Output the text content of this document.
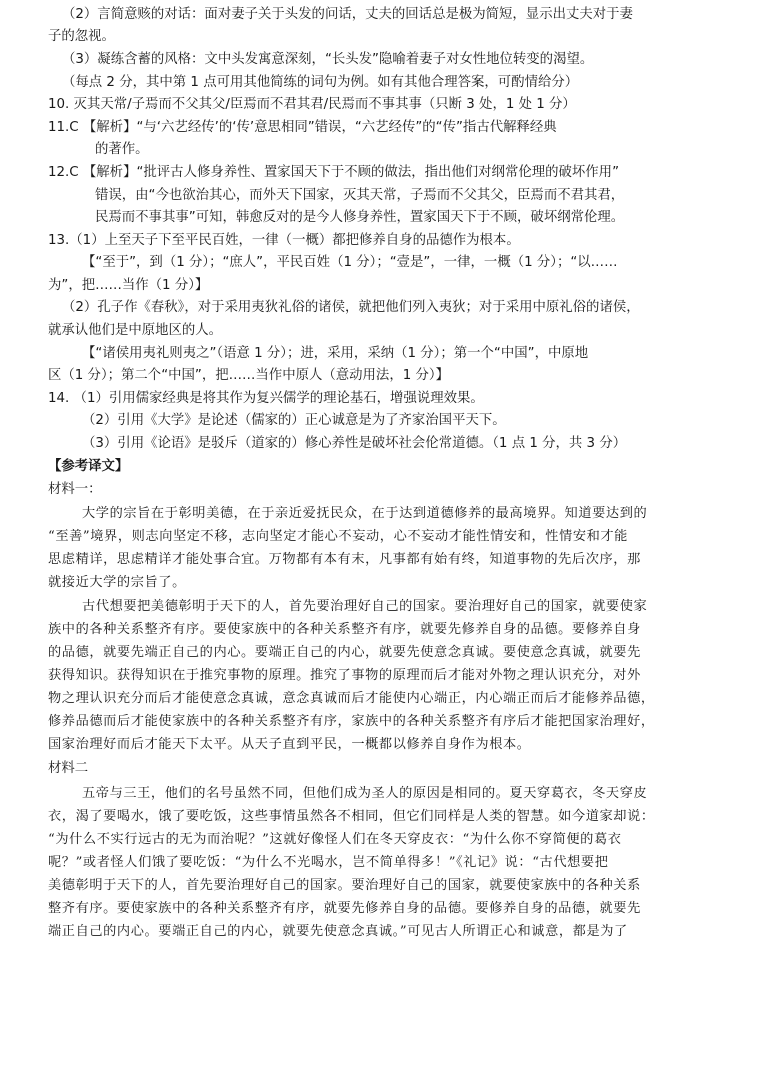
（2）言简意赅的对话：面对妻子关于头发的问话，丈夫的回话总是极为简短，显示出丈夫对于妻
子的忽视。
（3）凝练含蓄的风格：文中头发寓意深刻，“长头发”隐喻着妻子对女性地位转变的渴望。
（每点 2 分，其中第 1 点可用其他简练的词句为例。如有其他合理答案，可酌情给分）
10. 灭其天常/子焉而不父其父/臣焉而不君其君/民焉而不事其事（只断 3 处，1 处 1 分）
11.C 【解析】“与‘六艺经传’的‘传’意思相同”错误，“六艺经传”的“传”指古代解释经典
的著作。
12.C 【解析】“批评古人修身养性、置家国天下于不顾的做法，指出他们对纲常伦理的破坏作用”
错误，由“今也欲治其心，而外天下国家，灭其天常，子焉而不父其父，臣焉而不君其君，
民焉而不事其事”可知，韩愈反对的是今人修身养性，置家国天下于不顾，破坏纲常伦理。
13.（1）上至天子下至平民百姓，一律（一概）都把修养自身的品德作为根本。
【“至于”，到（1 分）；“庶人”，平民百姓（1 分）；“壹是”，一律，一概（1 分）；“以……
为”，把……当作（1 分）】
（2）孔子作《春秋》，对于采用夷狄礼俗的诸侯，就把他们列入夷狄；对于采用中原礼俗的诸侯，
就承认他们是中原地区的人。
【“诸侯用夷礼则夷之”（语意 1 分）；进，采用，采纳（1 分）；第一个“中国”，中原地
区（1 分）；第二个“中国”，把……当作中原人（意动用法，1 分）】
14. （1）引用儒家经典是将其作为复兴儒学的理论基石，增强说理效果。
（2）引用《大学》是论述（儒家的）正心诚意是为了齐家治国平天下。
（3）引用《论语》是驳斥（道家的）修心养性是破坏社会伦常道德。（1 点 1 分，共 3 分）
【参考译文】
材料一：
大学的宗旨在于彰明美德，在于亲近爱抚民众，在于达到道德修养的最高境界。知道要达到的
“至善”境界，则志向坚定不移，志向坚定才能心不妄动，心不妄动才能性情安和，性情安和才能
思虑精详，思虑精详才能处事合宜。万物都有本有末，凡事都有始有终，知道事物的先后次序，那
就接近大学的宗旨了。
古代想要把美德彰明于天下的人，首先要治理好自己的国家。要治理好自己的国家，就要使家
族中的各种关系整齐有序。要使家族中的各种关系整齐有序，就要先修养自身的品德。要修养自身
的品德，就要先端正自己的内心。要端正自己的内心，就要先使意念真诚。要使意念真诚，就要先
获得知识。获得知识在于推究事物的原理。推究了事物的原理而后才能对外物之理认识充分，对外
物之理认识充分而后才能使意念真诚，意念真诚而后才能使内心端正，内心端正而后才能修养品德，
修养品德而后才能使家族中的各种关系整齐有序，家族中的各种关系整齐有序后才能把国家治理好，
国家治理好而后才能天下太平。从天子直到平民，一概都以修养自身作为根本。
材料二
五帝与三王，他们的名号虽然不同，但他们成为圣人的原因是相同的。夏天穿葛衣，冬天穿皮
衣，渴了要喝水，饿了要吃饭，这些事情虽然各不相同，但它们同样是人类的智慧。如今道家却说：
“为什么不实行远古的无为而治呢？”这就好像怪人们在冬天穿皮衣：“为什么你不穿简便的葛衣
呢？”或者怪人们饿了要吃饭：“为什么不光喝水，岂不简单得多！”《礼记》说：“古代想要把
美德彰明于天下的人，首先要治理好自己的国家。要治理好自己的国家，就要使家族中的各种关系
整齐有序。要使家族中的各种关系整齐有序，就要先修养自身的品德。要修养自身的品德，就要先
端正自己的内心。要端正自己的内心，就要先使意念真诚。”可见古人所谓正心和诚意，都是为了
